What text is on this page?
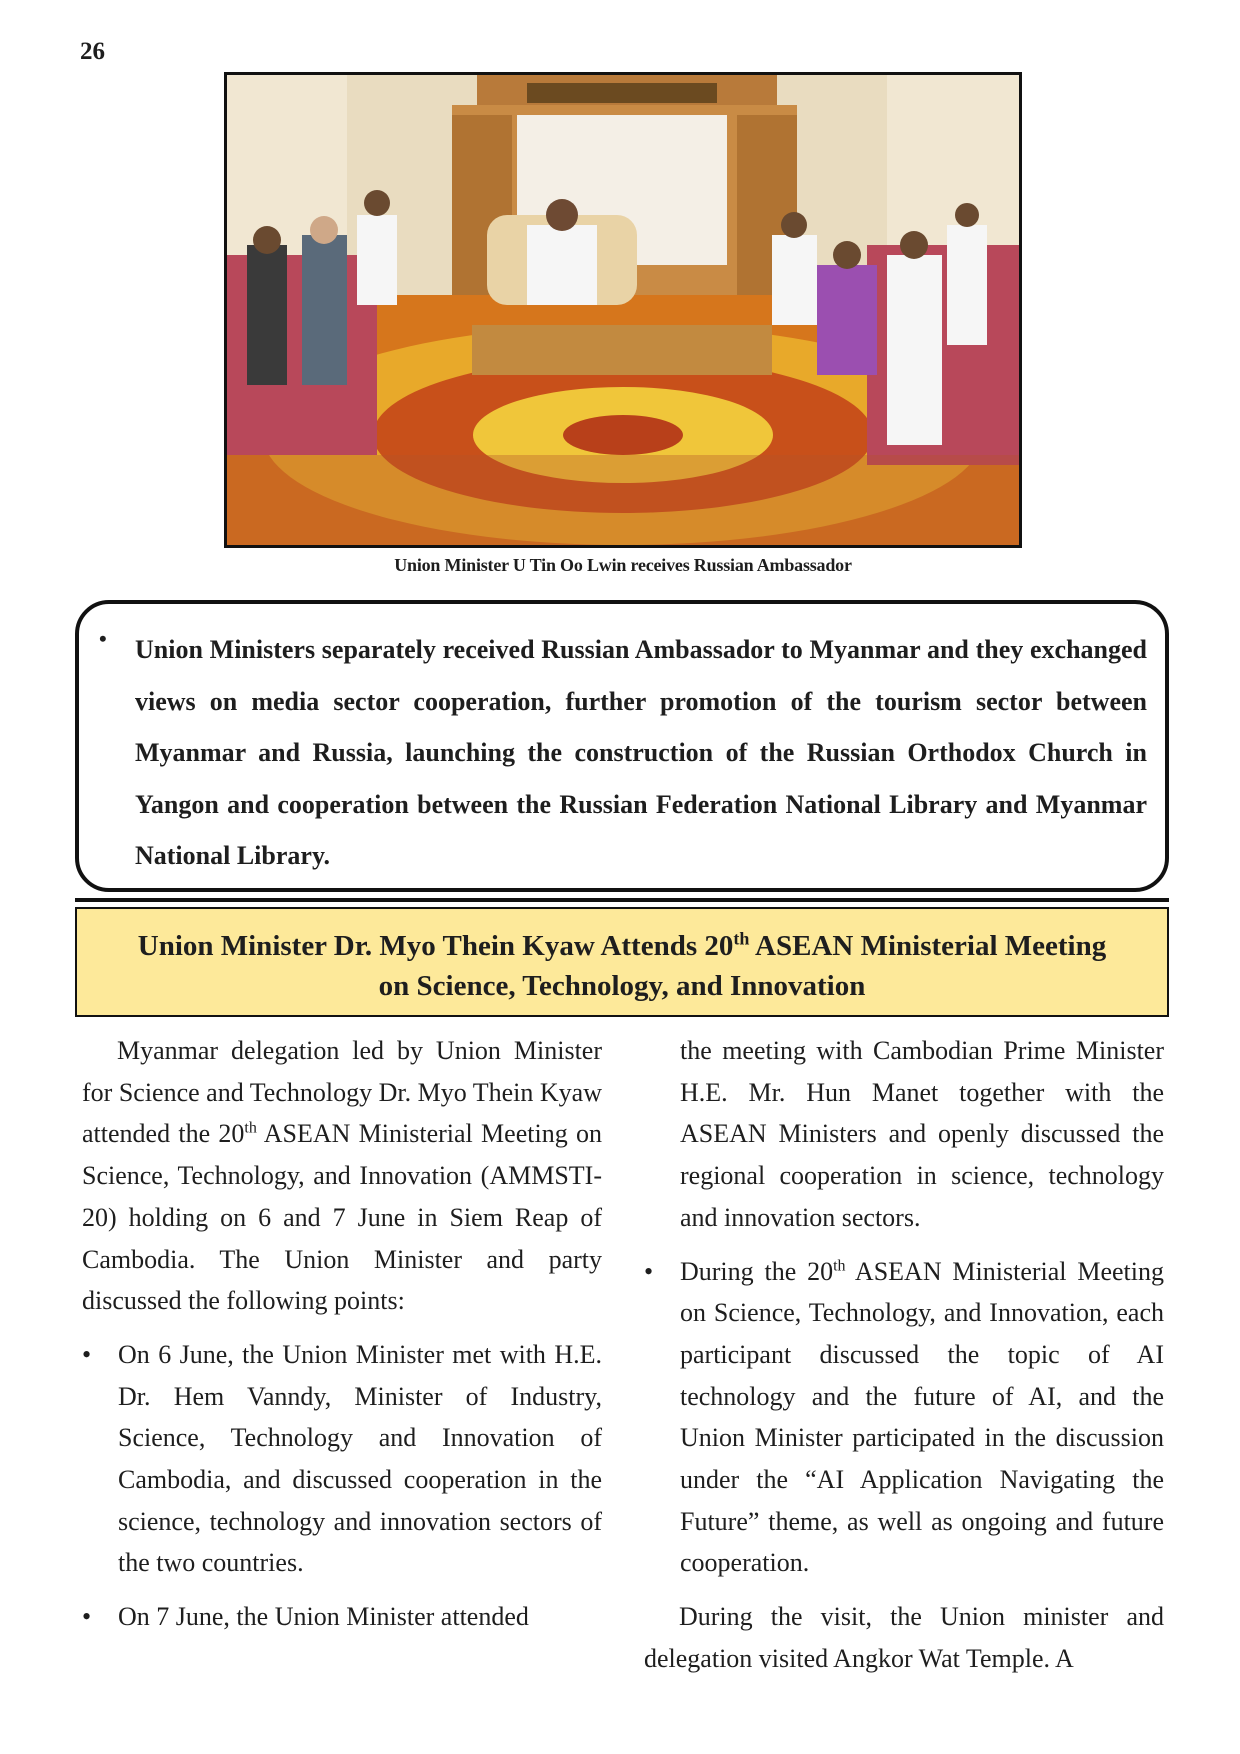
26
Union Minister U Tin Oo Lwin receives Russian Ambassador
• Union Ministers separately received Russian Ambassador to Myanmar and they exchanged views on media sector cooperation, further promotion of the tourism sector between Myanmar and Russia, launching the construction of the Russian Orthodox Church in Yangon and cooperation between the Russian Federation National Library and Myanmar National Library.
Union Minister Dr. Myo Thein Kyaw Attends 20th ASEAN Ministerial Meeting
on Science, Technology, and Innovation

Myanmar delegation led by Union Minister for Science and Technology Dr. Myo Thein Kyaw attended the 20th ASEAN Ministerial Meeting on Science, Technology, and Innovation (AMMSTI-20) holding on 6 and 7 June in Siem Reap of Cambodia. The Union Minister and party discussed the following points:

• On 6 June, the Union Minister met with H.E. Dr. Hem Vanndy, Minister of Industry, Science, Technology and Innovation of Cambodia, and discussed cooperation in the science, technology and innovation sectors of the two countries.
• On 7 June, the Union Minister attended

the meeting with Cambodian Prime Minister H.E. Mr. Hun Manet together with the ASEAN Ministers and openly discussed the regional cooperation in science, technology and innovation sectors.

• During the 20th ASEAN Ministerial Meeting on Science, Technology, and Innovation, each participant discussed the topic of AI technology and the future of AI, and the Union Minister participated in the discussion under the “AI Application Navigating the Future” theme, as well as ongoing and future cooperation.

During the visit, the Union minister and delegation visited Angkor Wat Temple. A
